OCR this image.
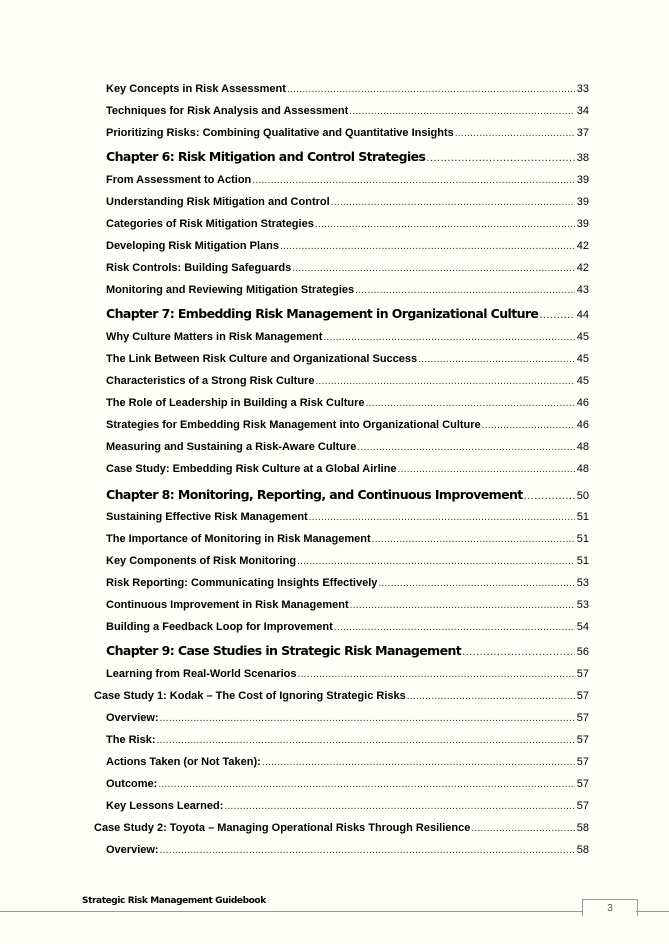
Key Concepts in Risk Assessment .....	33
Techniques for Risk Analysis and Assessment .....	34
Prioritizing Risks: Combining Qualitative and Quantitative Insights .....	37
Chapter 6: Risk Mitigation and Control Strategies .....	38
From Assessment to Action .....	39
Understanding Risk Mitigation and Control .....	39
Categories of Risk Mitigation Strategies .....	39
Developing Risk Mitigation Plans .....	42
Risk Controls: Building Safeguards .....	42
Monitoring and Reviewing Mitigation Strategies .....	43
Chapter 7: Embedding Risk Management in Organizational Culture .....	44
Why Culture Matters in Risk Management .....	45
The Link Between Risk Culture and Organizational Success .....	45
Characteristics of a Strong Risk Culture .....	45
The Role of Leadership in Building a Risk Culture .....	46
Strategies for Embedding Risk Management into Organizational Culture .....	46
Measuring and Sustaining a Risk-Aware Culture .....	48
Case Study: Embedding Risk Culture at a Global Airline .....	48
Chapter 8: Monitoring, Reporting, and Continuous Improvement .....	50
Sustaining Effective Risk Management .....	51
The Importance of Monitoring in Risk Management .....	51
Key Components of Risk Monitoring .....	51
Risk Reporting: Communicating Insights Effectively .....	53
Continuous Improvement in Risk Management .....	53
Building a Feedback Loop for Improvement .....	54
Chapter 9: Case Studies in Strategic Risk Management .....	56
Learning from Real-World Scenarios .....	57
Case Study 1: Kodak – The Cost of Ignoring Strategic Risks .....	57
Overview: .....	57
The Risk: .....	57
Actions Taken (or Not Taken): .....	57
Outcome: .....	57
Key Lessons Learned: .....	57
Case Study 2: Toyota – Managing Operational Risks Through Resilience .....	58
Overview: .....	58
Strategic Risk Management Guidebook
3
